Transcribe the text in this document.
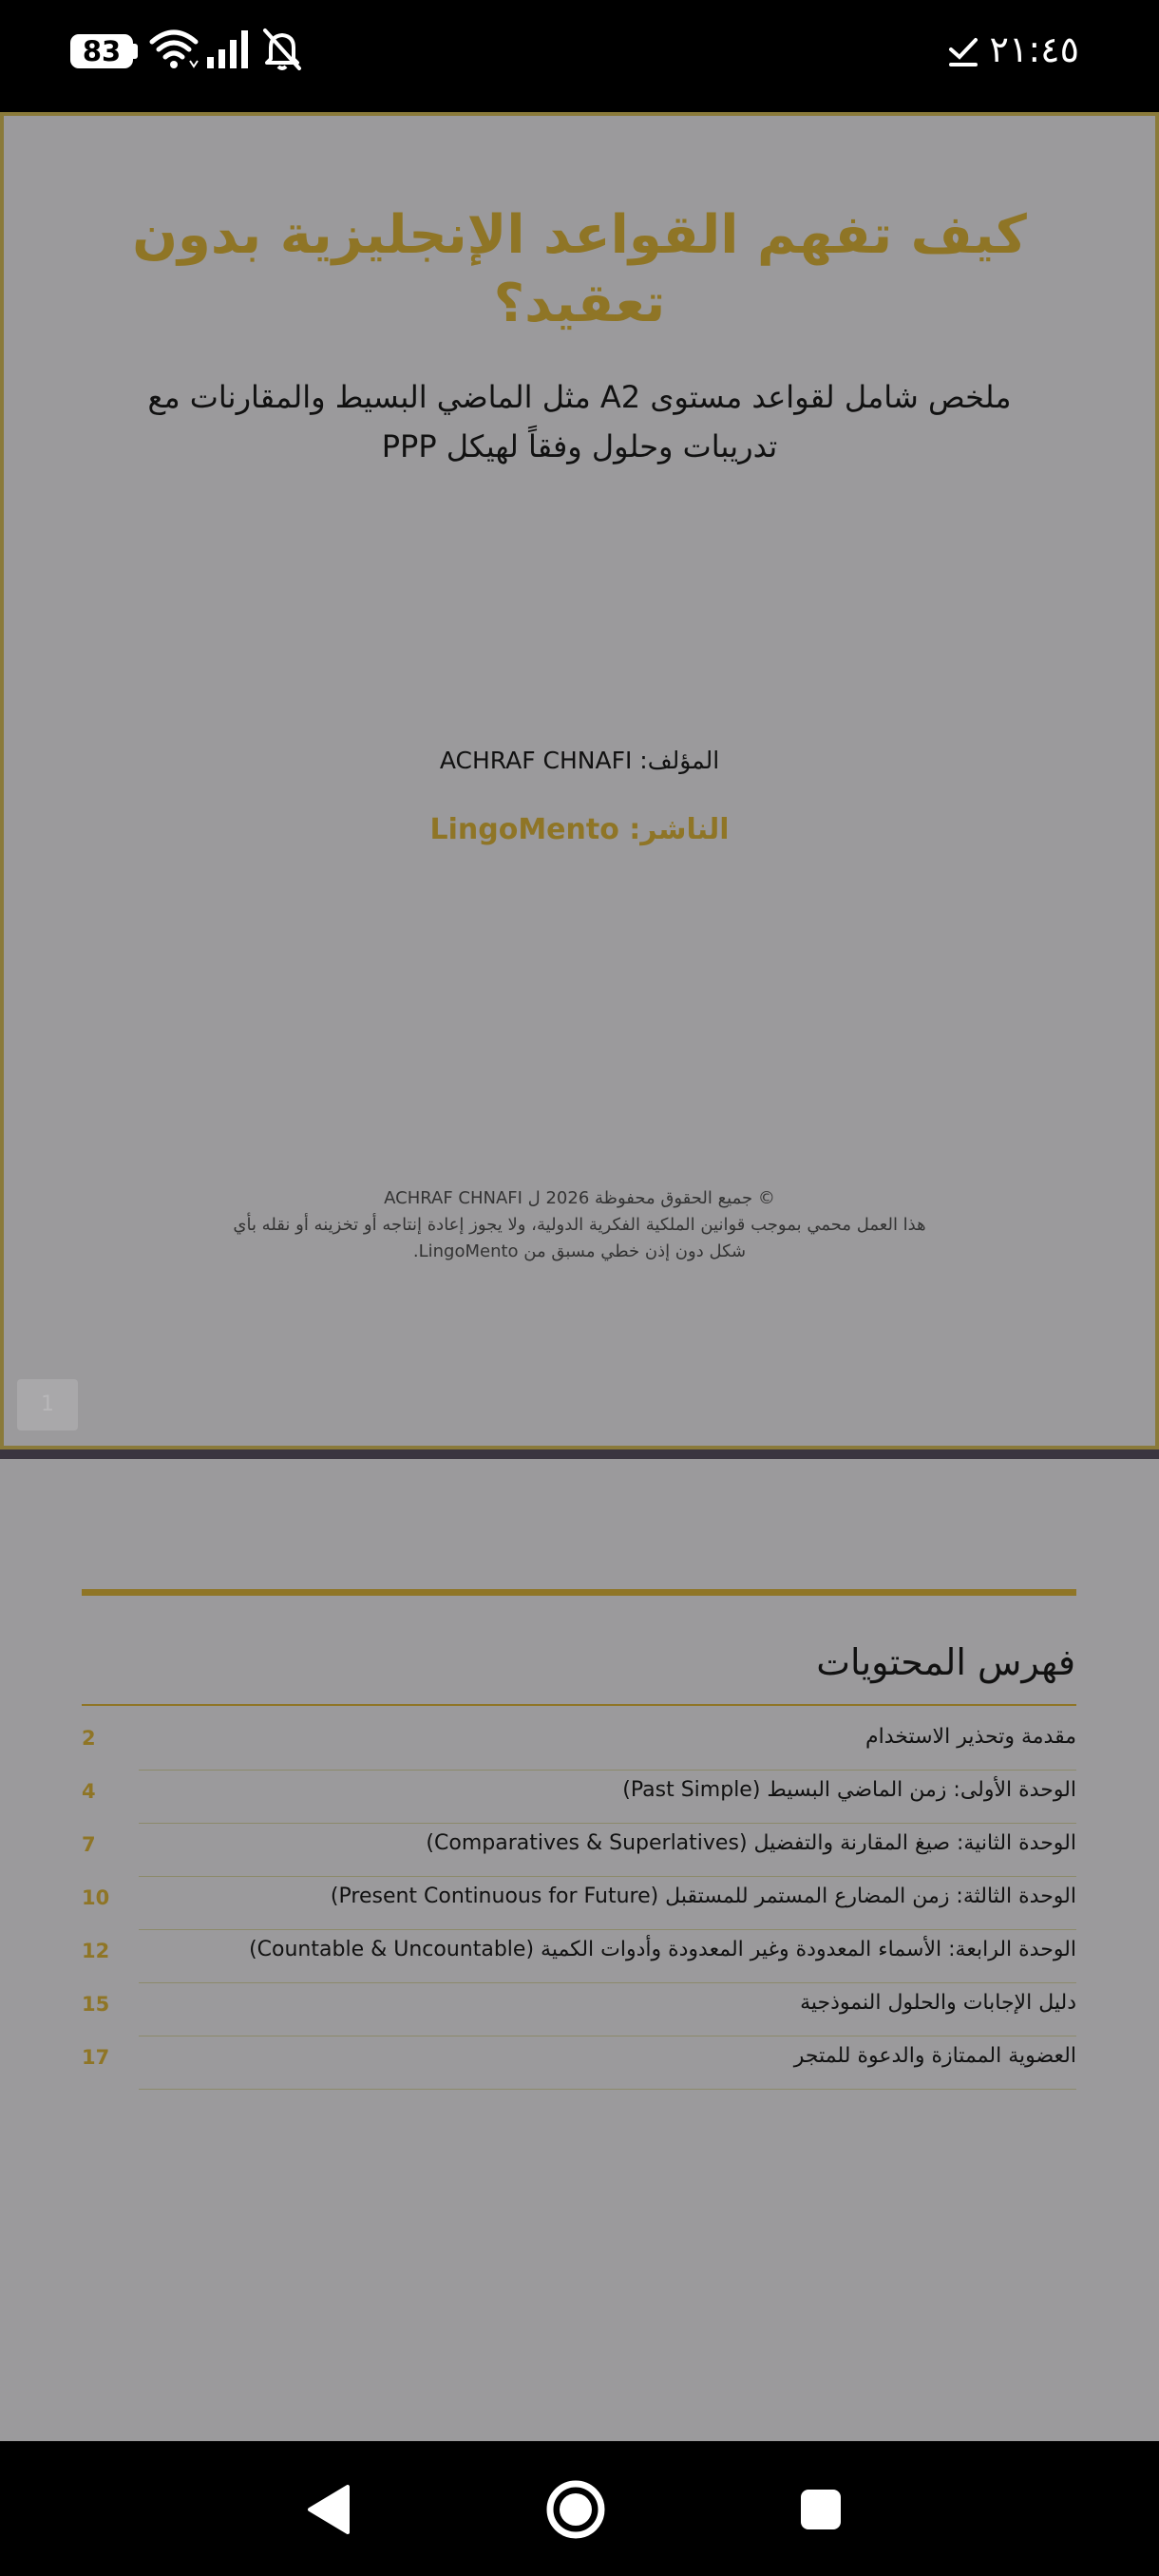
83	٢١:٤٥
كيف تفهم القواعد الإنجليزية بدون تعقيد؟
ملخص شامل لقواعد مستوى A2 مثل الماضي البسيط والمقارنات مع تدريبات وحلول وفقاً لهيكل PPP
المؤلف: ACHRAF CHNAFI
الناشر: LingoMento
© جميع الحقوق محفوظة 2026 ل ACHRAF CHNAFI
هذا العمل محمي بموجب قوانين الملكية الفكرية الدولية، ولا يجوز إعادة إنتاجه أو تخزينه أو نقله بأي
شكل دون إذن خطي مسبق من LingoMento.
1
فهرس المحتويات
مقدمة وتحذير الاستخدام
2
الوحدة الأولى: زمن الماضي البسيط (Past Simple)
4
الوحدة الثانية: صيغ المقارنة والتفضيل (Comparatives & Superlatives)
7
الوحدة الثالثة: زمن المضارع المستمر للمستقبل (Present Continuous for Future)
10
الوحدة الرابعة: الأسماء المعدودة وغير المعدودة وأدوات الكمية (Countable & Uncountable)
12
دليل الإجابات والحلول النموذجية
15
العضوية الممتازة والدعوة للمتجر
17
